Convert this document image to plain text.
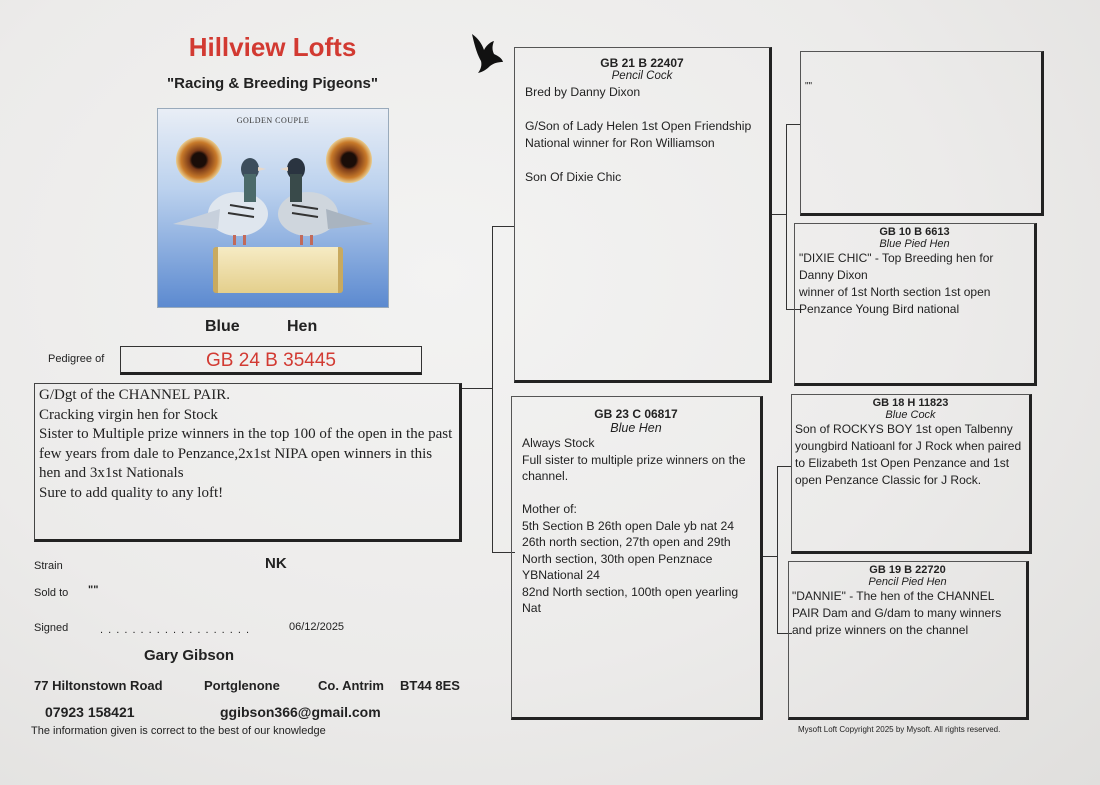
Hillview Lofts
"Racing & Breeding Pigeons"
GOLDEN COUPLE
Blue	Hen
Pedigree of	GB 24 B 35445
G/Dgt of the CHANNEL PAIR.
Cracking virgin hen for Stock
Sister to Multiple prize winners in the top 100 of the open in the past few years from dale to Penzance,2x1st NIPA open winners in this hen and 3x1st Nationals
Sure to add quality to any loft!
Strain	NK
Sold to ""
Signed	. . . . . . . . . . . . . . . . . . .	06/12/2025
Gary Gibson
77 Hiltonstown Road	Portglenone	Co. Antrim BT44 8ES
07923 158421	ggibson366@gmail.com
The information given is correct to the best of our knowledge
GB 21 B 22407
Pencil Cock
Bred by Danny Dixon

G/Son of Lady Helen 1st Open Friendship National winner for Ron Williamson

Son Of Dixie Chic
GB 23 C 06817
Blue Hen
Always Stock
Full sister to multiple prize winners on the channel.

Mother of:
5th Section B 26th open Dale yb nat 24
26th north section, 27th open and 29th North section, 30th open Penznace YBNational 24
82nd North section, 100th open yearling Nat
""
GB 10 B 6613
Blue Pied Hen
"DIXIE CHIC" - Top Breeding hen for Danny Dixon
winner of 1st North section 1st open Penzance Young Bird national
GB 18 H 11823
Blue Cock
Son of ROCKYS BOY 1st open Talbenny youngbird Natioanl for J Rock when paired to Elizabeth 1st Open Penzance and 1st open Penzance Classic for J Rock.
GB 19 B 22720
Pencil Pied Hen
"DANNIE" - The hen of the CHANNEL PAIR Dam and G/dam to many winners and prize winners on the channel
Mysoft Loft Copyright 2025 by Mysoft. All rights reserved.
